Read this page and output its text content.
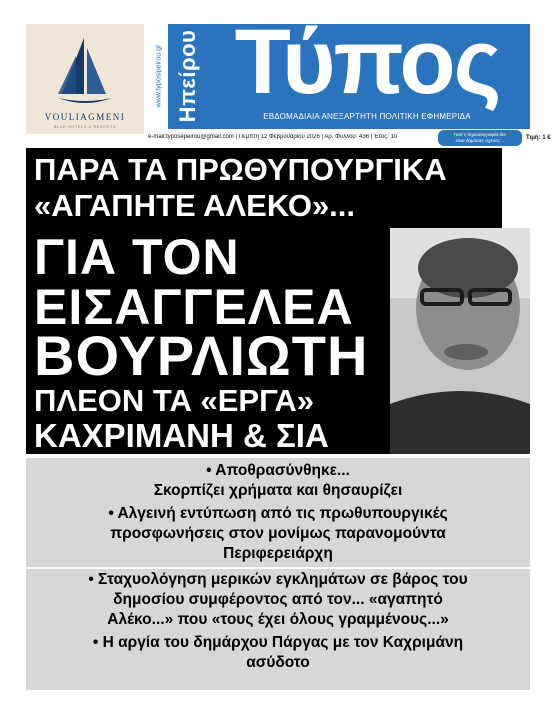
VOULIAGMENI
BLUE HOTELS & RESORTS
www.typosipeirou.gr Ηπείρου Τύπος
ΕΒΔΟΜΑΔΙΑΙΑ ΑΝΕΞΑΡΤΗΤΗ ΠΟΛΙΤΙΚΗ ΕΦΗΜΕΡΙΔΑ
e-mail:typosepeirou@gmail.com | Πέμπτη 12 Φεβρουαρίου 2026 | Αρ. Φύλλου: 436 | Έτος: 10	Γιατί η δημοσιογραφία δεν
είναι δημόσιες σχέσεις...	Τιμή: 1 €
ΠΑΡΑ ΤΑ ΠΡΩΘΥΠΟΥΡΓΙΚΑ
«ΑΓΑΠΗΤΕ ΑΛΕΚΟ»...
ΓΙΑ ΤΟΝ
ΕΙΣΑΓΓΕΛΕΑ
ΒΟΥΡΛΙΩΤΗ
ΠΛΕΟΝ ΤΑ «ΕΡΓΑ»
ΚΑΧΡΙΜΑΝΗ & ΣΙΑ
• Αποθρασύνθηκε...
Σκορπίζει χρήματα και θησαυρίζει
• Αλγεινή εντύπωση από τις πρωθυπουργικές
προσφωνήσεις στον μονίμως παρανομούντα
Περιφερειάρχη
• Σταχυολόγηση μερικών εγκλημάτων σε βάρος του
δημοσίου συμφέροντος από τον... «αγαπητό
Αλέκο...» που «τους έχει όλους γραμμένους...»
• Η αργία του δημάρχου Πάργας με τον Καχριμάνη
ασύδοτο
